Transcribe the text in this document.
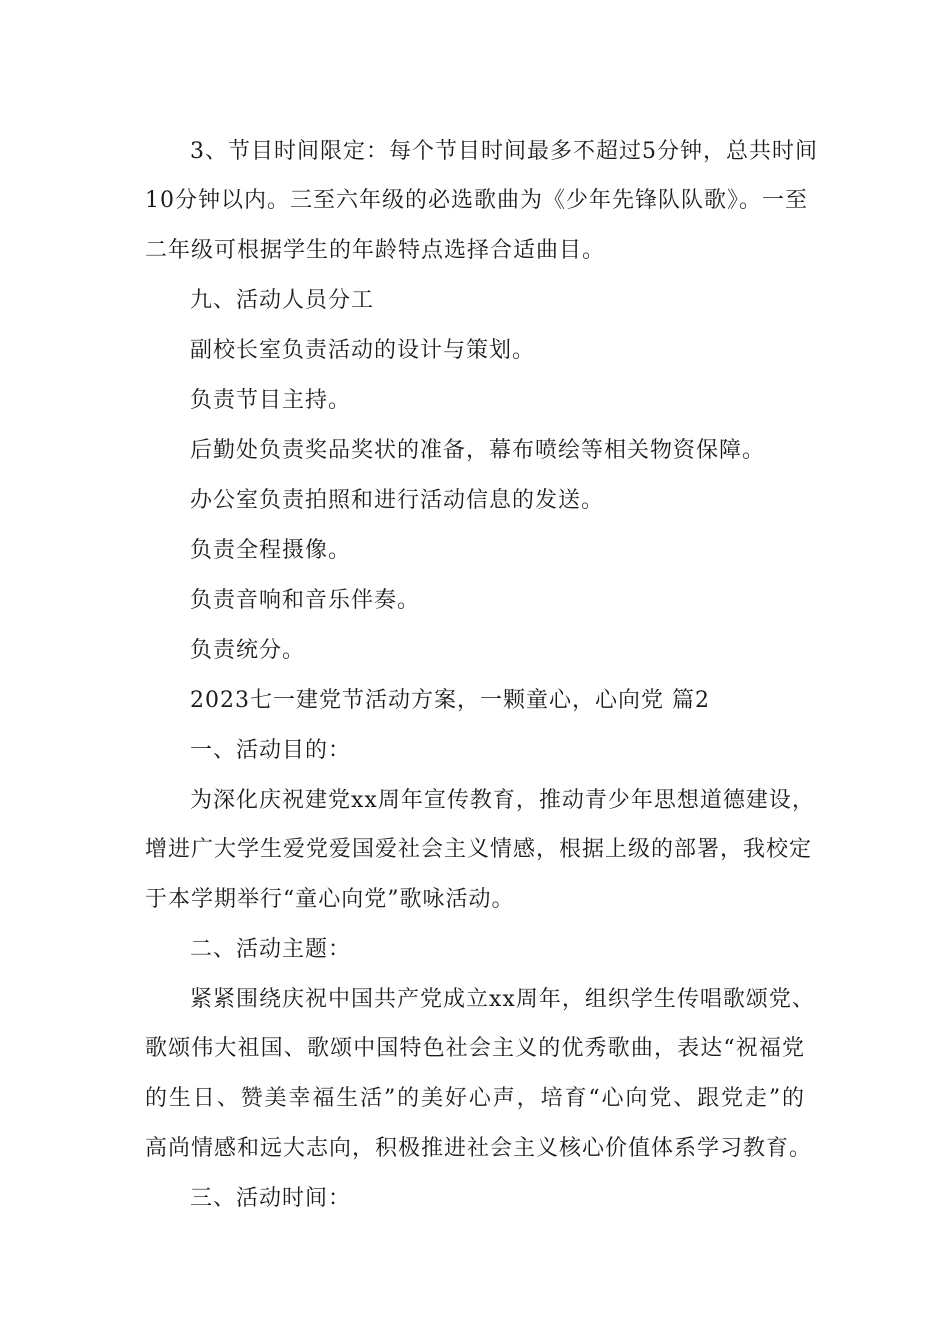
3、节目时间限定：每个节目时间最多不超过5分钟，总共时间
10分钟以内。三至六年级的必选歌曲为《少年先锋队队歌》。一至
二年级可根据学生的年龄特点选择合适曲目。
九、活动人员分工
副校长室负责活动的设计与策划。
负责节目主持。
后勤处负责奖品奖状的准备，幕布喷绘等相关物资保障。
办公室负责拍照和进行活动信息的发送。
负责全程摄像。
负责音响和音乐伴奏。
负责统分。
2023七一建党节活动方案，一颗童心，心向党 篇2
一、活动目的：
为深化庆祝建党xx周年宣传教育，推动青少年思想道德建设，
增进广大学生爱党爱国爱社会主义情感，根据上级的部署，我校定
于本学期举行“童心向党”歌咏活动。
二、活动主题：
紧紧围绕庆祝中国共产党成立xx周年，组织学生传唱歌颂党、
歌颂伟大祖国、歌颂中国特色社会主义的优秀歌曲，表达“祝福党
的生日、赞美幸福生活”的美好心声，培育“心向党、跟党走”的
高尚情感和远大志向，积极推进社会主义核心价值体系学习教育。
三、活动时间：
